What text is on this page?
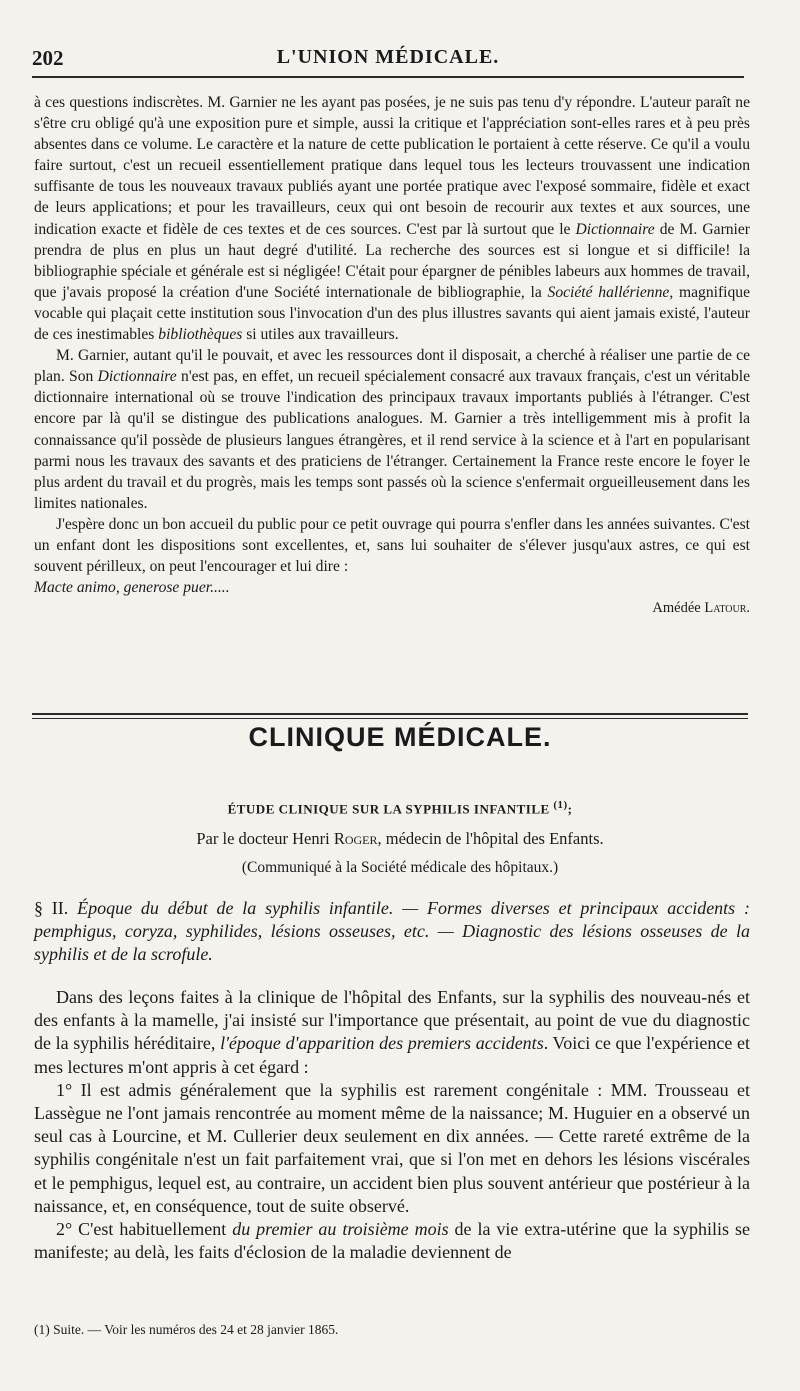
202	L'UNION MÉDICALE.

à ces questions indiscrètes. M. Garnier ne les ayant pas posées, je ne suis pas tenu d'y répondre. L'auteur paraît ne s'être cru obligé qu'à une exposition pure et simple, aussi la critique et l'appréciation sont-elles rares et à peu près absentes dans ce volume. Le caractère et la nature de cette publication le portaient à cette réserve. Ce qu'il a voulu faire surtout, c'est un recueil essentiellement pratique dans lequel tous les lecteurs trouvassent une indication suffisante de tous les nouveaux travaux publiés ayant une portée pratique avec l'exposé sommaire, fidèle et exact de leurs applications; et pour les travailleurs, ceux qui ont besoin de recourir aux textes et aux sources, une indication exacte et fidèle de ces textes et de ces sources. C'est par là surtout que le Dictionnaire de M. Garnier prendra de plus en plus un haut degré d'utilité. La recherche des sources est si longue et si difficile! la bibliographie spéciale et générale est si négligée! C'était pour épargner de pénibles labeurs aux hommes de travail, que j'avais proposé la création d'une Société internationale de bibliographie, la Société hallérienne, magnifique vocable qui plaçait cette institution sous l'invocation d'un des plus illustres savants qui aient jamais existé, l'auteur de ces inestimables bibliothèques si utiles aux travailleurs.

M. Garnier, autant qu'il le pouvait, et avec les ressources dont il disposait, a cherché à réaliser une partie de ce plan. Son Dictionnaire n'est pas, en effet, un recueil spécialement consacré aux travaux français, c'est un véritable dictionnaire international où se trouve l'indication des principaux travaux importants publiés à l'étranger. C'est encore par là qu'il se distingue des publications analogues. M. Garnier a très intelligemment mis à profit la connaissance qu'il possède de plusieurs langues étrangères, et il rend service à la science et à l'art en popularisant parmi nous les travaux des savants et des praticiens de l'étranger. Certainement la France reste encore le foyer le plus ardent du travail et du progrès, mais les temps sont passés où la science s'enfermait orgueilleusement dans les limites nationales.

J'espère donc un bon accueil du public pour ce petit ouvrage qui pourra s'enfler dans les années suivantes. C'est un enfant dont les dispositions sont excellentes, et, sans lui souhaiter de s'élever jusqu'aux astres, ce qui est souvent périlleux, on peut l'encourager et lui dire :

Macte animo, generose puer.....

Amédée Latour.

CLINIQUE MÉDICALE.
ÉTUDE CLINIQUE SUR LA SYPHILIS INFANTILE $^{(1)}$;
Par le docteur Henri Roger, médecin de l'hôpital des Enfants.
(Communiqué à la Société médicale des hôpitaux.)
§ II. Époque du début de la syphilis infantile. — Formes diverses et principaux accidents : pemphigus, coryza, syphilides, lésions osseuses, etc. — Diagnostic des lésions osseuses de la syphilis et de la scrofule.

Dans des leçons faites à la clinique de l'hôpital des Enfants, sur la syphilis des nouveau-nés et des enfants à la mamelle, j'ai insisté sur l'importance que présentait, au point de vue du diagnostic de la syphilis héréditaire, l'époque d'apparition des premiers accidents. Voici ce que l'expérience et mes lectures m'ont appris à cet égard :

1° Il est admis généralement que la syphilis est rarement congénitale : MM. Trousseau et Lassègue ne l'ont jamais rencontrée au moment même de la naissance; M. Huguier en a observé un seul cas à Lourcine, et M. Cullerier deux seulement en dix années. — Cette rareté extrême de la syphilis congénitale n'est un fait parfaitement vrai, que si l'on met en dehors les lésions viscérales et le pemphigus, lequel est, au contraire, un accident bien plus souvent antérieur que postérieur à la naissance, et, en conséquence, tout de suite observé.

2° C'est habituellement du premier au troisième mois de la vie extra-utérine que la syphilis se manifeste; au delà, les faits d'éclosion de la maladie deviennent de

(1) Suite. — Voir les numéros des 24 et 28 janvier 1865.
